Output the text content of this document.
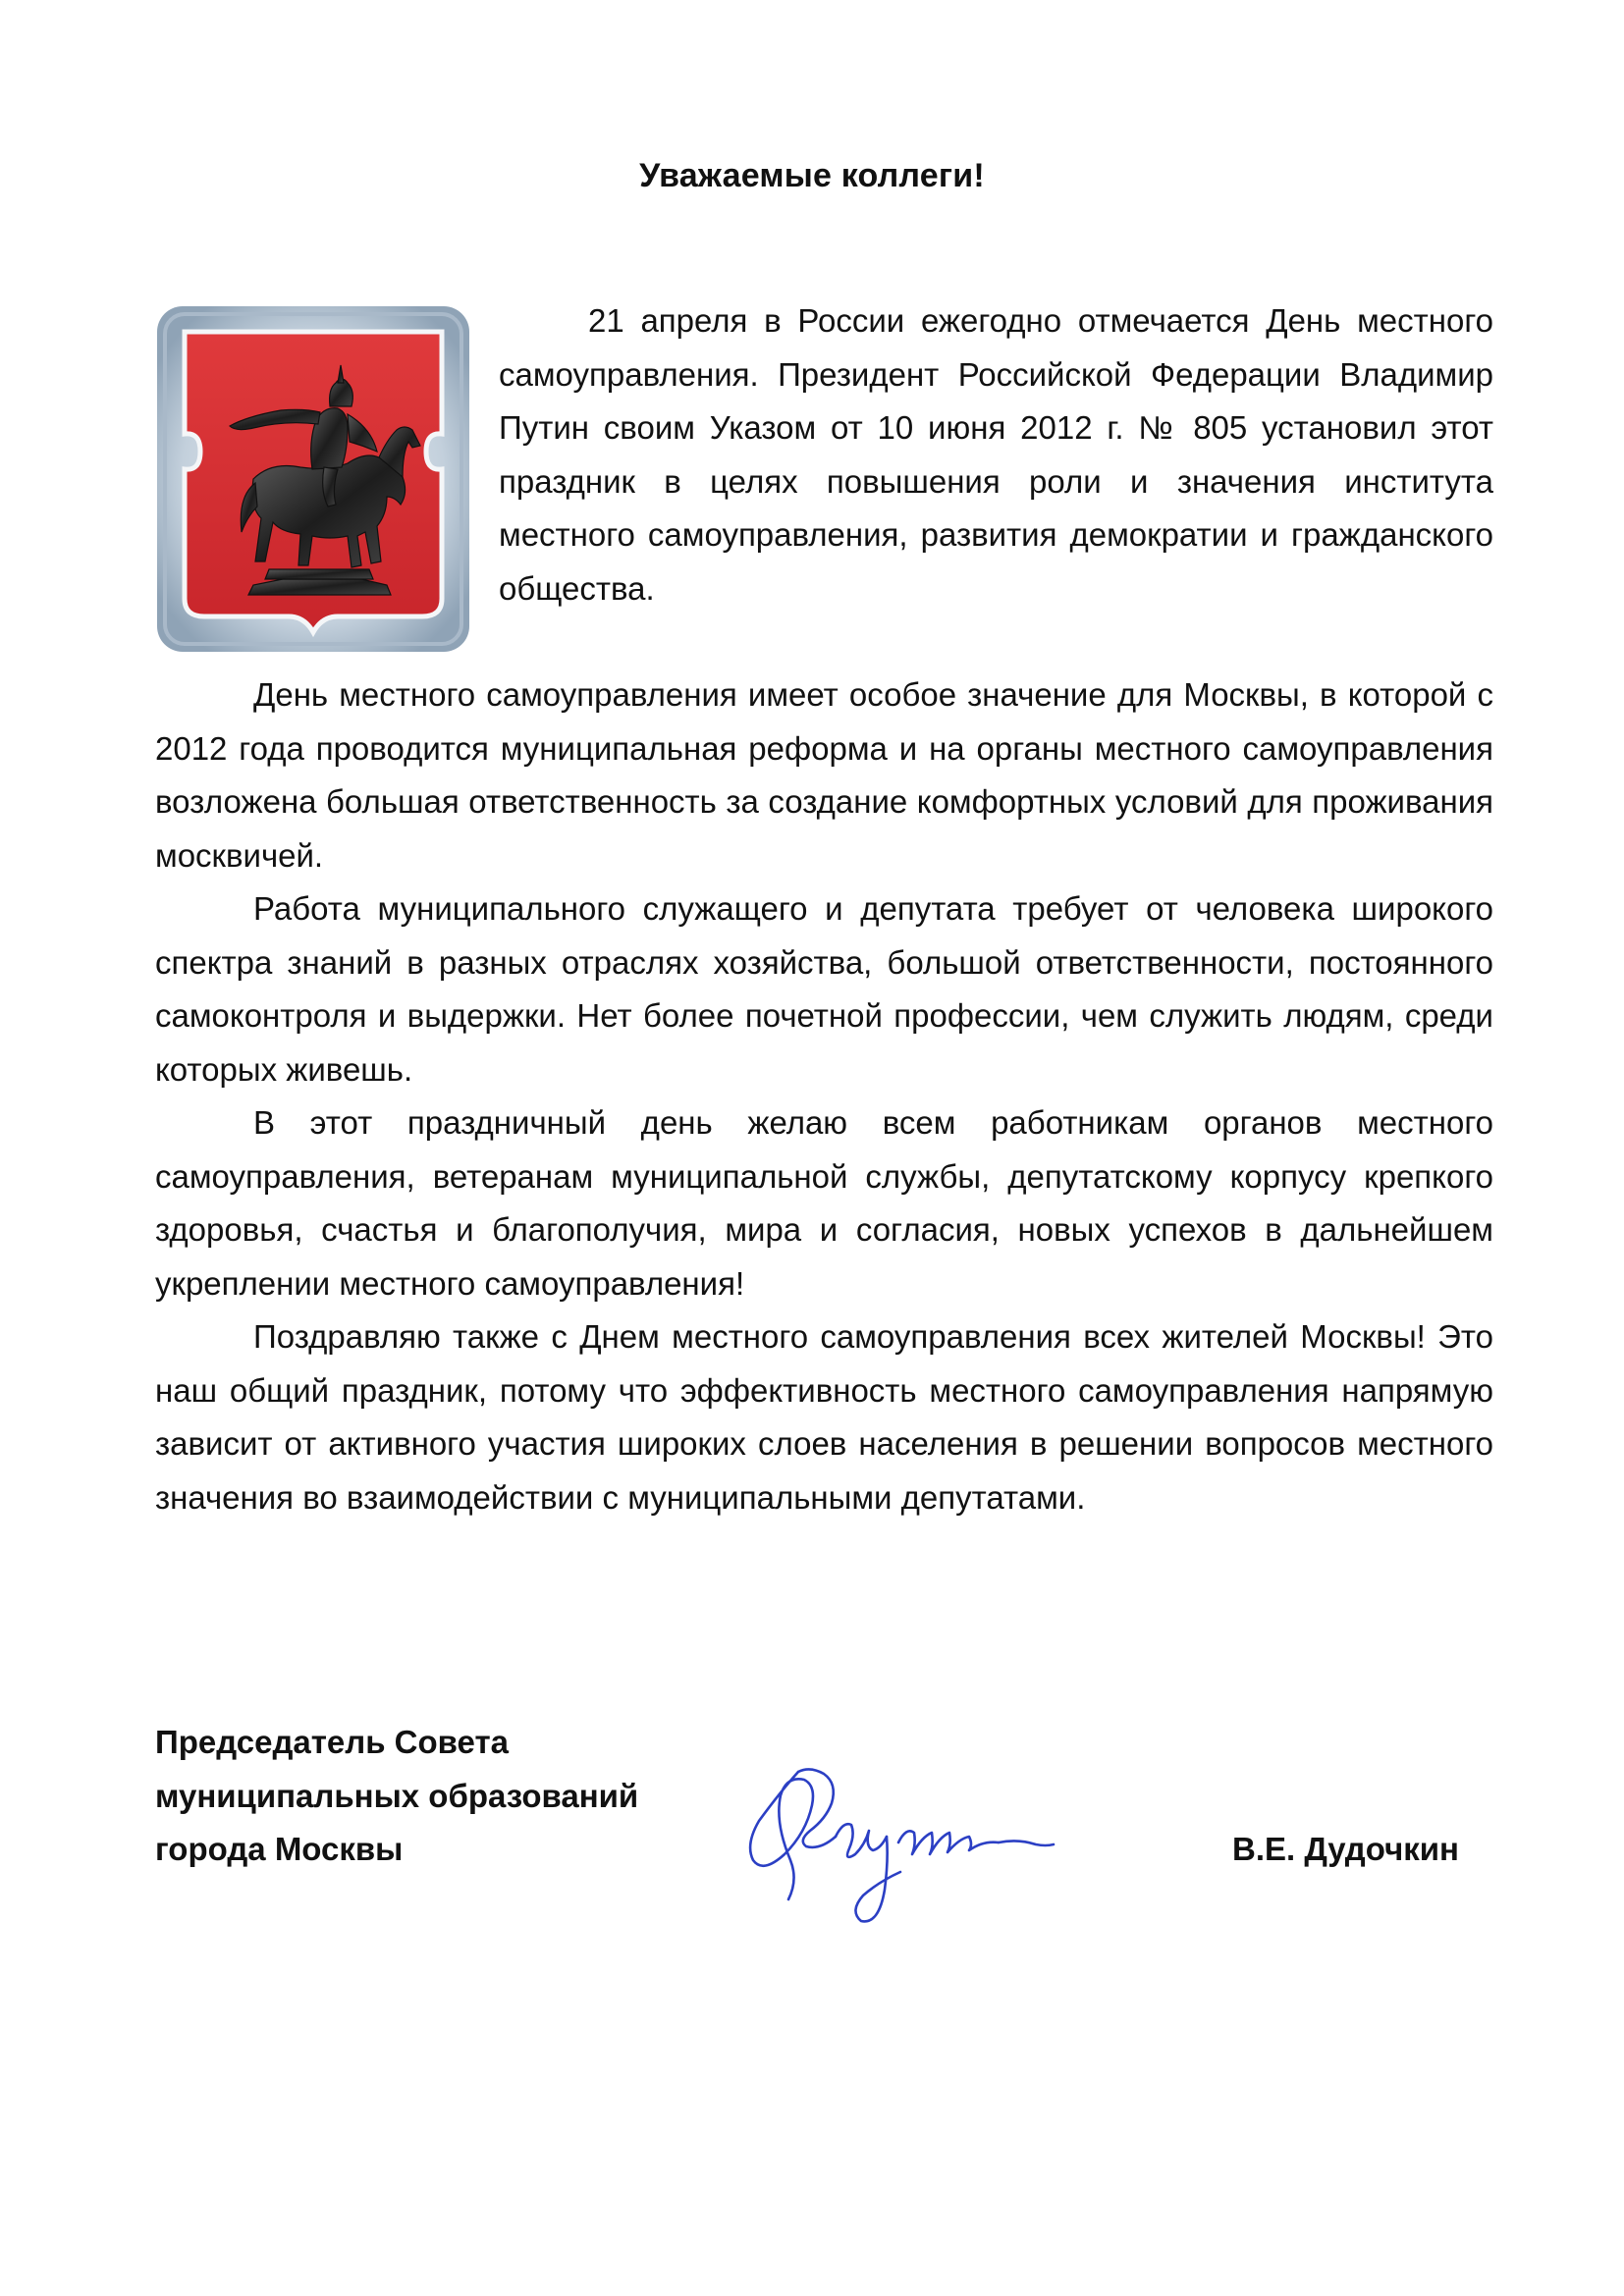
Уважаемые коллеги!

21 апреля в России ежегодно отмечается День местного самоуправления. Президент Российской Федерации Владимир Путин своим Указом от 10 июня 2012 г. № 805 установил этот праздник в целях повышения роли и значения института местного самоуправления, развития демократии и гражданского общества.

День местного самоуправления имеет особое значение для Москвы, в которой с 2012 года проводится муниципальная реформа и на органы местного самоуправления возложена большая ответственность за создание комфортных условий для проживания москвичей.

Работа муниципального служащего и депутата требует от человека широкого спектра знаний в разных отраслях хозяйства, большой ответственности, постоянного самоконтроля и выдержки. Нет более почетной профессии, чем служить людям, среди которых живешь.

В этот праздничный день желаю всем работникам органов местного самоуправления, ветеранам муниципальной службы, депутатскому корпусу крепкого здоровья, счастья и благополучия, мира и согласия, новых успехов в дальнейшем укреплении местного самоуправления!

Поздравляю также с Днем местного самоуправления всех жителей Москвы! Это наш общий праздник, потому что эффективность местного самоуправления напрямую зависит от активного участия широких слоев населения в решении вопросов местного значения во взаимодействии с муниципальными депутатами.

Председатель Совета
муниципальных образований
города Москвы	В.Е. Дудочкин
